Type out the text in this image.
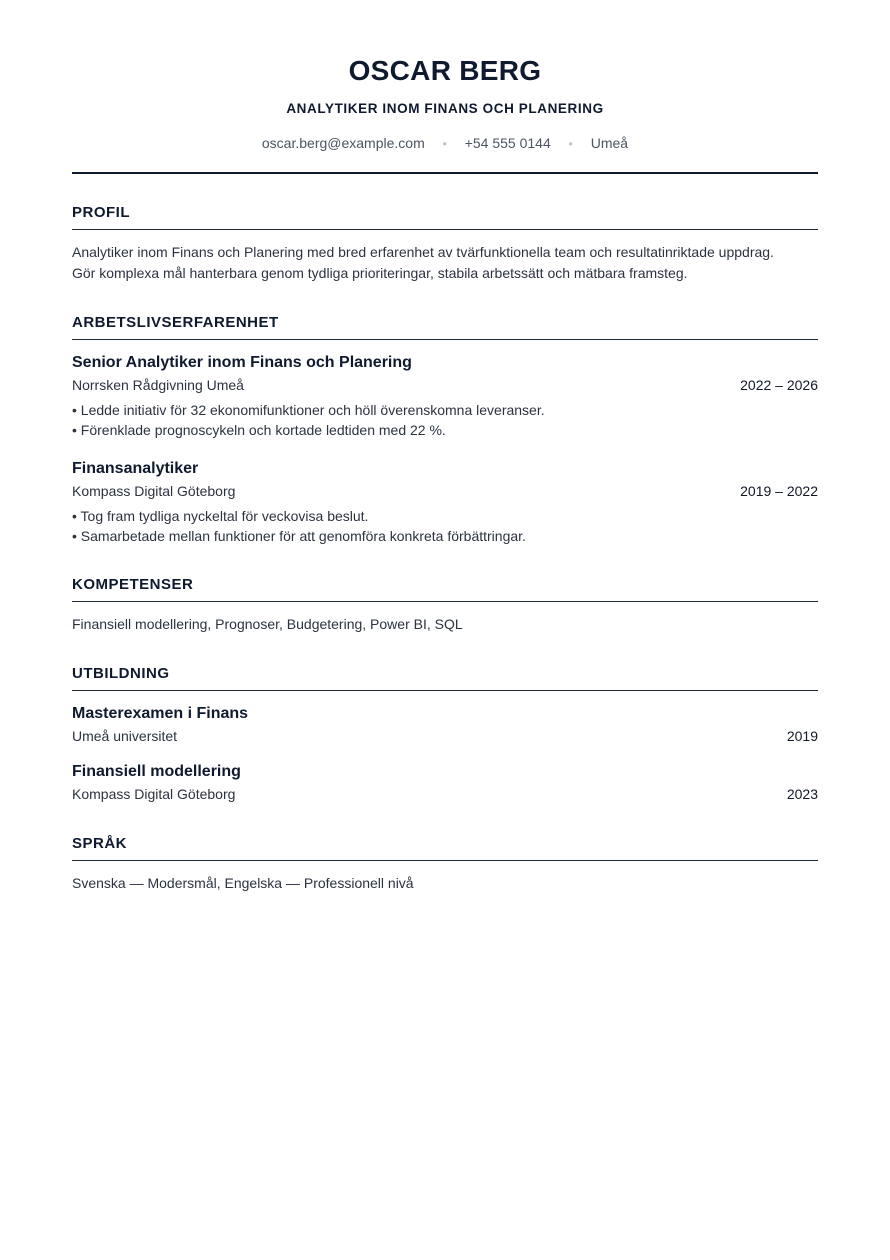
OSCAR BERG
ANALYTIKER INOM FINANS OCH PLANERING
oscar.berg@example.com • +54 555 0144 • Umeå
PROFIL
Analytiker inom Finans och Planering med bred erfarenhet av tvärfunktionella team och resultatinriktade uppdrag.
Gör komplexa mål hanterbara genom tydliga prioriteringar, stabila arbetssätt och mätbara framsteg.
ARBETSLIVSERFARENHET
Senior Analytiker inom Finans och Planering
Norrsken Rådgivning Umeå	2022 – 2026
• Ledde initiativ för 32 ekonomifunktioner och höll överenskomna leveranser.
• Förenklade prognoscykeln och kortade ledtiden med 22 %.
Finansanalytiker
Kompass Digital Göteborg	2019 – 2022
• Tog fram tydliga nyckeltal för veckovisa beslut.
• Samarbetade mellan funktioner för att genomföra konkreta förbättringar.
KOMPETENSER
Finansiell modellering, Prognoser, Budgetering, Power BI, SQL
UTBILDNING
Masterexamen i Finans
Umeå universitet	2019
Finansiell modellering
Kompass Digital Göteborg	2023
SPRÅK
Svenska — Modersmål, Engelska — Professionell nivå
